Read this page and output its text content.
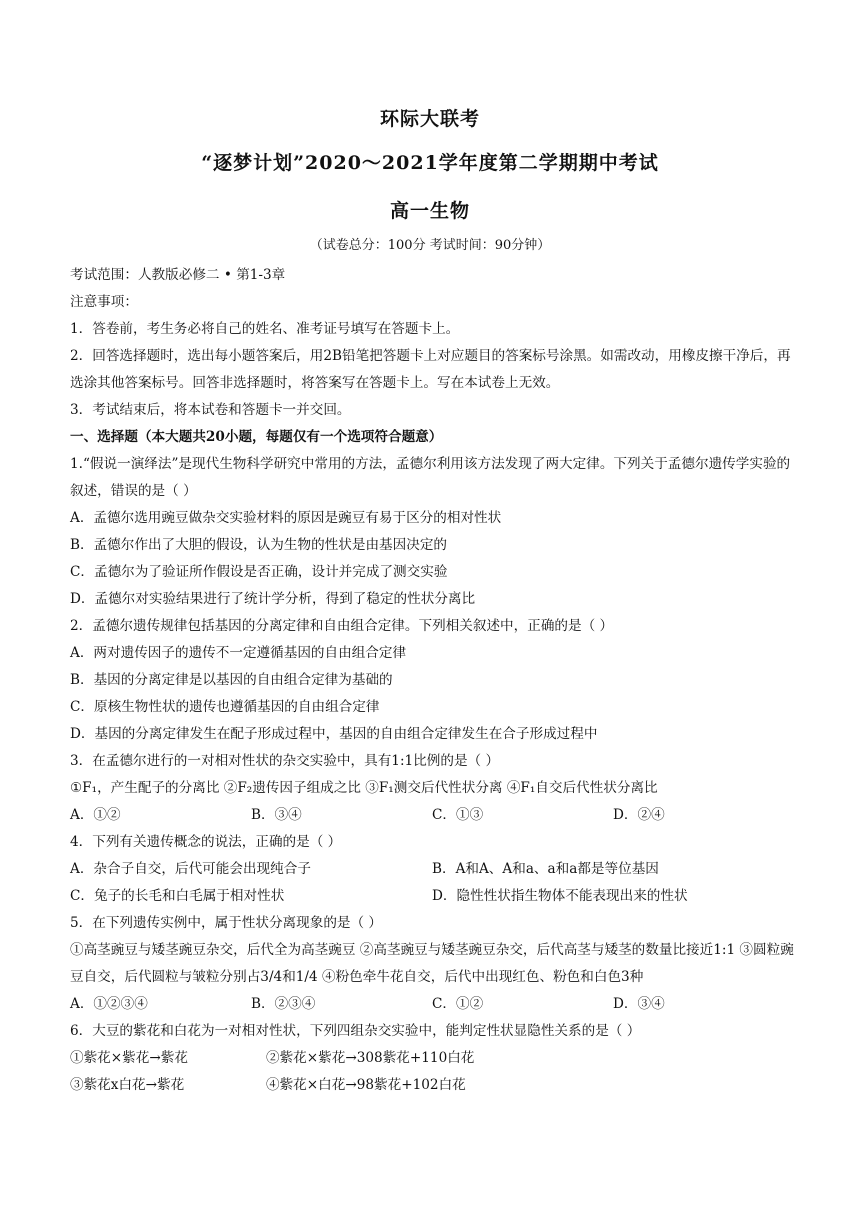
环际大联考
“逐梦计划”2020～2021学年度第二学期期中考试
高一生物
（试卷总分：100分 考试时间：90分钟）
考试范围：人教版必修二 • 第1-3章
注意事项：
1．答卷前，考生务必将自己的姓名、准考证号填写在答题卡上。
2．回答选择题时，选出每小题答案后，用2B铅笔把答题卡上对应题目的答案标号涂黑。如需改动，用橡皮擦干净后，再选涂其他答案标号。回答非选择题时，将答案写在答题卡上。写在本试卷上无效。
3．考试结束后，将本试卷和答题卡一并交回。
一、选择题（本大题共20小题，每题仅有一个选项符合题意）
1.“假说一演绎法”是现代生物科学研究中常用的方法，孟德尔利用该方法发现了两大定律。下列关于孟德尔遗传学实验的叙述，错误的是（ ）
A．孟德尔选用豌豆做杂交实验材料的原因是豌豆有易于区分的相对性状
B．孟德尔作出了大胆的假设，认为生物的性状是由基因决定的
C．孟德尔为了验证所作假设是否正确，设计并完成了测交实验
D．孟德尔对实验结果进行了统计学分析，得到了稳定的性状分离比
2．孟德尔遗传规律包括基因的分离定律和自由组合定律。下列相关叙述中，正确的是（ ）
A．两对遗传因子的遗传不一定遵循基因的自由组合定律
B．基因的分离定律是以基因的自由组合定律为基础的
C．原核生物性状的遗传也遵循基因的自由组合定律
D．基因的分离定律发生在配子形成过程中，基因的自由组合定律发生在合子形成过程中
3．在孟德尔进行的一对相对性状的杂交实验中，具有1:1比例的是（ ）
①F₁，产生配子的分离比 ②F₂遗传因子组成之比 ③F₁测交后代性状分离 ④F₁自交后代性状分离比
A．①②	B．③④	C．①③	D．②④
4．下列有关遗传概念的说法，正确的是（ ）
A．杂合子自交，后代可能会出现纯合子	B．A和A、A和a、a和a都是等位基因
C．兔子的长毛和白毛属于相对性状	D．隐性性状指生物体不能表现出来的性状
5．在下列遗传实例中，属于性状分离现象的是（ ）
①高茎豌豆与矮茎豌豆杂交，后代全为高茎豌豆 ②高茎豌豆与矮茎豌豆杂交，后代高茎与矮茎的数量比接近1:1 ③圆粒豌豆自交，后代圆粒与皱粒分别占3/4和1/4 ④粉色牵牛花自交，后代中出现红色、粉色和白色3种
A．①②③④	B．②③④	C．①②	D．③④
6．大豆的紫花和白花为一对相对性状，下列四组杂交实验中，能判定性状显隐性关系的是（ ）
①紫花×紫花→紫花	②紫花×紫花→308紫花+110白花
③紫花x白花→紫花	④紫花×白花→98紫花+102白花
